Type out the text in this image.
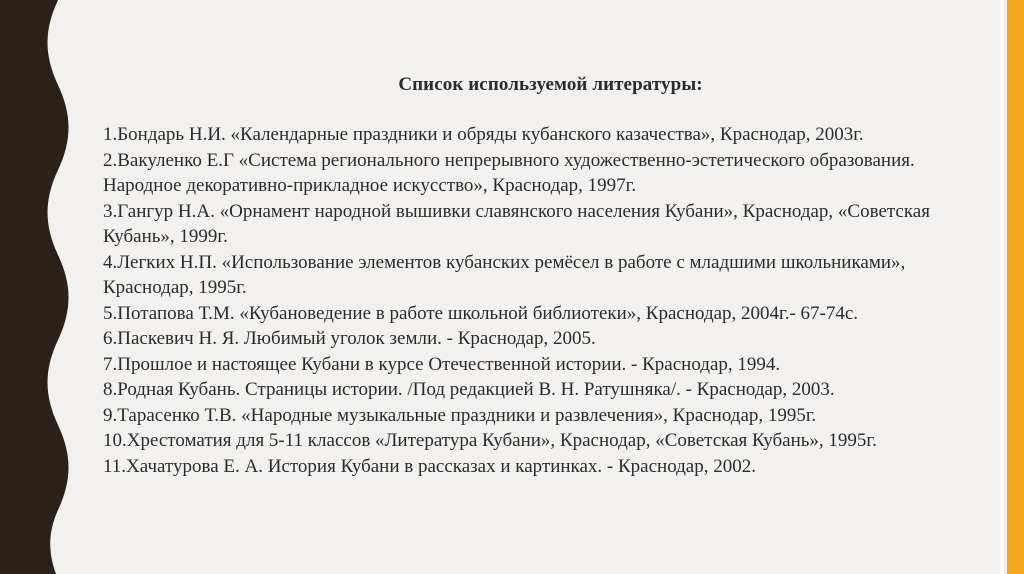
Список используемой литературы:
1.Бондарь Н.И. «Календарные праздники и обряды кубанского казачества», Краснодар, 2003г.
2.Вакуленко Е.Г «Система регионального непрерывного художественно-эстетического образования. Народное декоративно-прикладное искусство», Краснодар, 1997г.
3.Гангур Н.А. «Орнамент народной вышивки славянского населения Кубани», Краснодар, «Советская Кубань», 1999г.
4.Легких Н.П. «Использование элементов кубанских ремёсел в работе с младшими школьниками», Краснодар, 1995г.
5.Потапова Т.М. «Кубановедение в работе школьной библиотеки», Краснодар, 2004г.- 67-74с.
6.Паскевич Н. Я. Любимый уголок земли. - Краснодар, 2005.
7.Прошлое и настоящее Кубани в курсе Отечественной истории. - Краснодар, 1994.
8.Родная Кубань. Страницы истории. /Под редакцией В. Н. Ратушняка/. - Краснодар, 2003.
9.Тарасенко Т.В. «Народные музыкальные праздники и развлечения», Краснодар, 1995г.
10.Хрестоматия для 5-11 классов «Литература Кубани», Краснодар, «Советская Кубань», 1995г.
11.Хачатурова Е. А. История Кубани в рассказах и картинках. - Краснодар, 2002.
